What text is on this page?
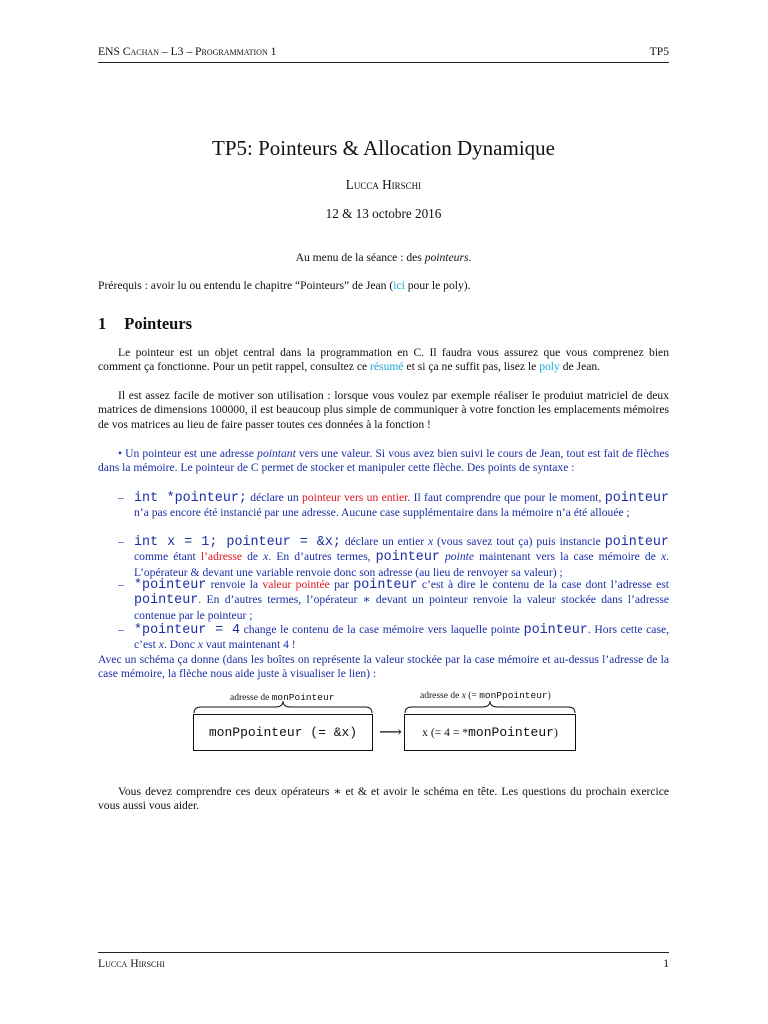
ENS Cachan – L3 – Programmation 1	TP5
TP5: Pointeurs & Allocation Dynamique
Lucca Hirschi
12 & 13 octobre 2016
Au menu de la séance : des pointeurs.
Prérequis : avoir lu ou entendu le chapitre “Pointeurs” de Jean (ici pour le poly).
1 Pointeurs

Le pointeur est un objet central dans la programmation en C. Il faudra vous assurez que vous comprenez bien comment ça fonctionne. Pour un petit rappel, consultez ce résumé et si ça ne suffit pas, lisez le poly de Jean.

Il est assez facile de motiver son utilisation : lorsque vous voulez par exemple réaliser le produiut matriciel de deux matrices de dimensions 100000, il est beaucoup plus simple de communiquer à votre fonction les emplacements mémoires de vos matrices au lieu de faire passer toutes ces données à la fonction !

• Un pointeur est une adresse pointant vers une valeur. Si vous avez bien suivi le cours de Jean, tout est fait de flèches dans la mémoire. Le pointeur de C permet de stocker et manipuler cette flèche. Des points de syntaxe :

– int *pointeur; déclare un pointeur vers un entier. Il faut comprendre que pour le moment, pointeur n’a pas encore été instancié par une adresse. Aucune case supplémentaire dans la mémoire n’a été allouée ;
– int x = 1; pointeur = &x; déclare un entier x (vous savez tout ça) puis instancie pointeur comme étant l’adresse de x. En d’autres termes, pointeur pointe maintenant vers la case mémoire de x. L’opérateur & devant une variable renvoie donc son adresse (au lieu de renvoyer sa valeur) ;
– *pointeur renvoie la valeur pointée par pointeur c’est à dire le contenu de la case dont l’adresse est pointeur. En d’autres termes, l’opérateur ∗ devant un pointeur renvoie la valeur stockée dans l’adresse contenue par le pointeur ;
– *pointeur = 4 change le contenu de la case mémoire vers laquelle pointe pointeur. Hors cette case, c’est x. Donc x vaut maintenant 4 !

Avec un schéma ça donne (dans les boîtes on représente la valeur stockée par la case mémoire et au-dessus l’adresse de la case mémoire, la flèche nous aide juste à visualiser le lien) :

adresse de monPointeur	adresse de x (= monPpointeur)
monPpointeur (= &x) ⟶ x (= 4 = *monPointeur)

Vous devez comprendre ces deux opérateurs ∗ et & et avoir le schéma en tête. Les questions du prochain exercice vous aussi vous aider.

Lucca Hirschi	1
